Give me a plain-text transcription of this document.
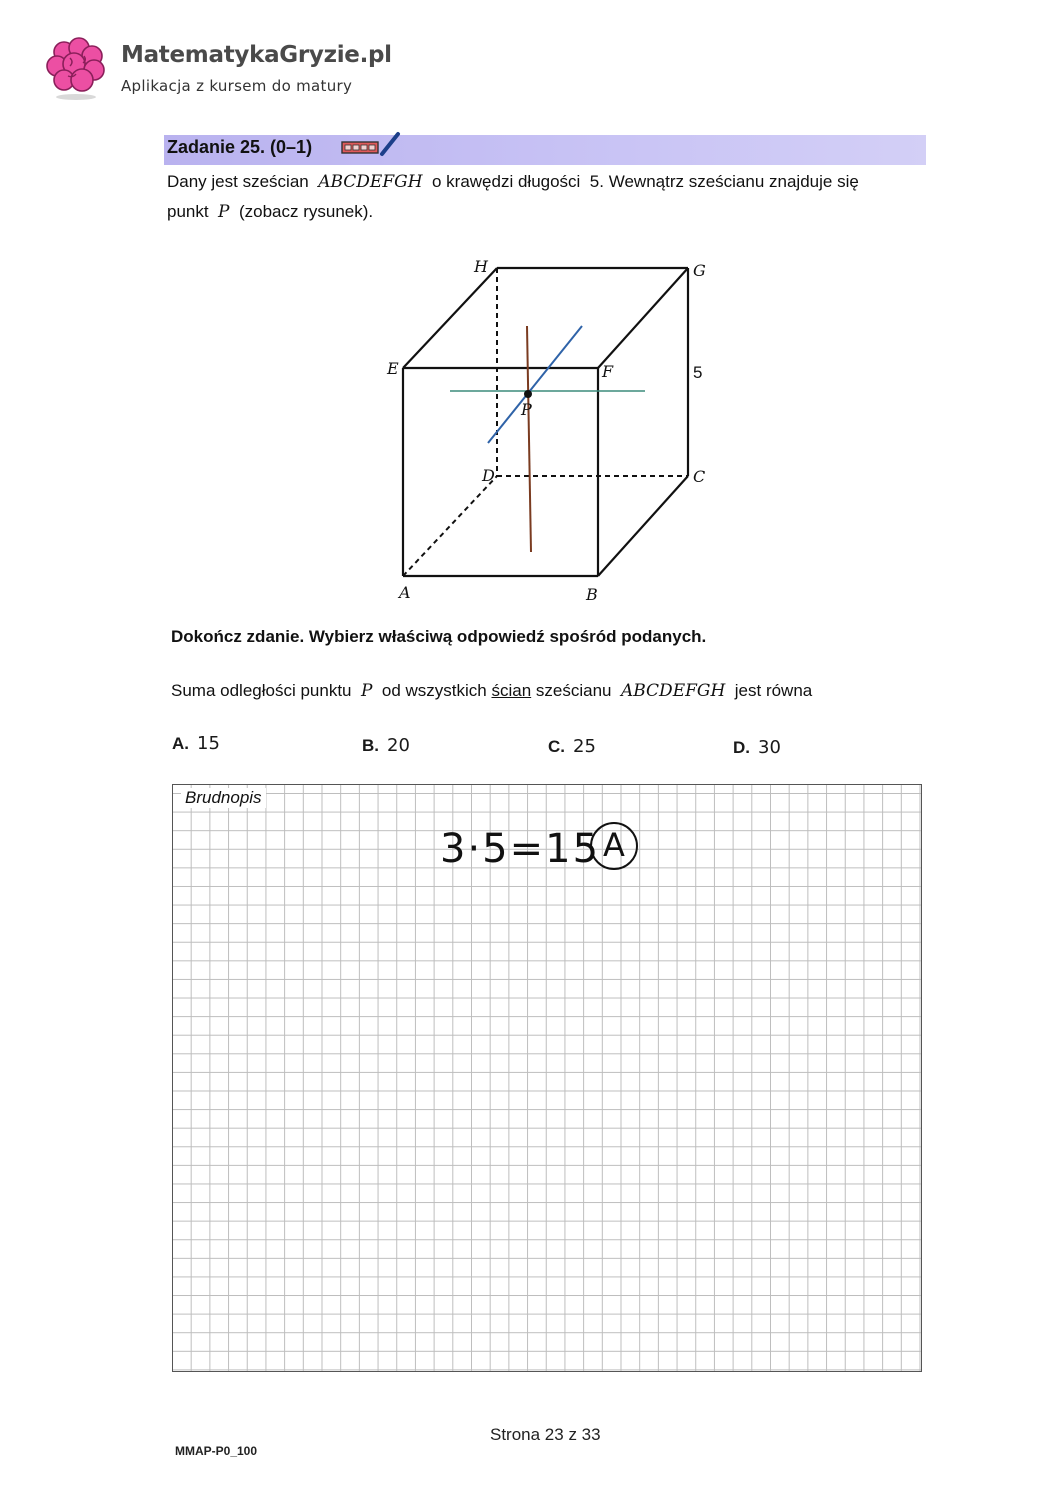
MatematykaGryzie.pl
Aplikacja z kursem do matury
Zadanie 25. (0–1)
Dany jest sześcian ABCDEFGH o krawędzi długości 5. Wewnątrz sześcianu znajduje się
punkt P (zobacz rysunek).
H	G
E	F
P
D	C
A	B
5
Dokończ zdanie. Wybierz właściwą odpowiedź spośród podanych.
Suma odległości punktu P od wszystkich ścian sześcianu ABCDEFGH jest równa
A. 15	B. 20	C. 25	D. 30
Brudnopis
3·5=15 A
Strona 23 z 33
MMAP-P0_100
